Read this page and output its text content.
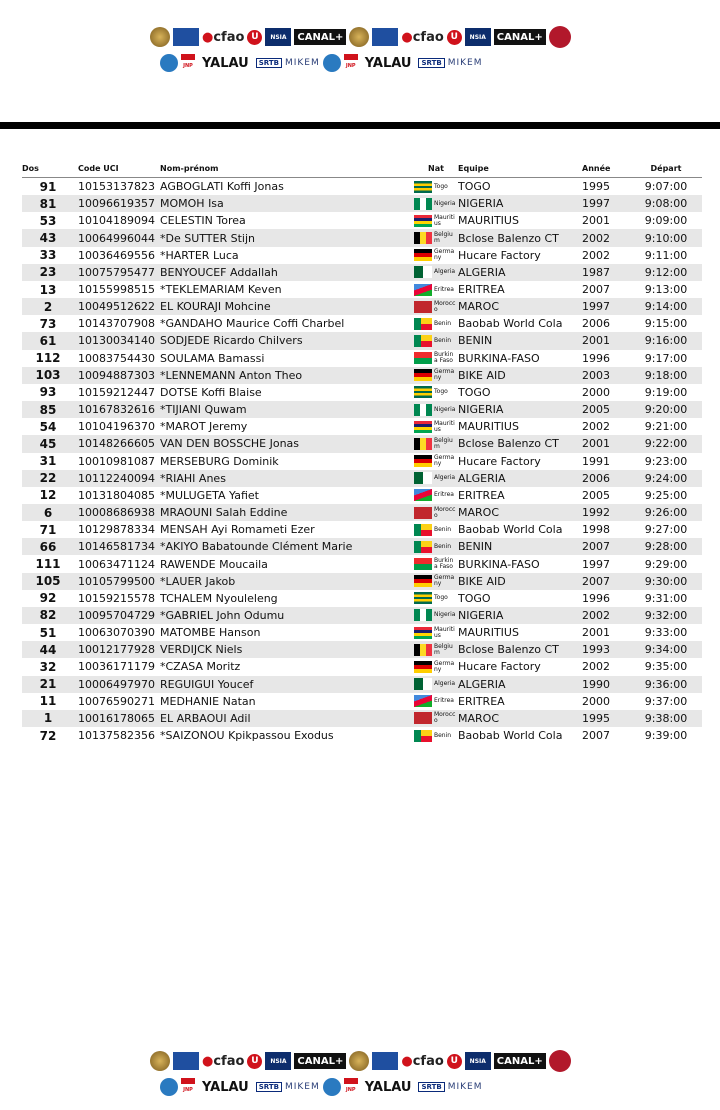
● cfao U	NSIA	CANAL+	● cfao U	NSIA	CANAL+
JNP YALAU	SRTB MIKEM	JNP YALAU	SRTB MIKEM
Dos	Code UCI	Nom-prénom	Nat	Equipe	Année	Départ
91	10153137823	AGBOGLATI Koffi Jonas	Togo	TOGO	1995	9:07:00
81	10096619357	MOMOH Isa	Nigeria	NIGERIA	1997	9:08:00
53	10104189094	CELESTIN Torea	Mauriti us	MAURITIUS	2001	9:09:00
43	10064996044	*De SUTTER Stijn	Belgiu m	Bclose Balenzo CT	2002	9:10:00
33	10036469556	*HARTER Luca	Germa ny	Hucare Factory	2002	9:11:00
23	10075795477	BENYOUCEF Addallah	Algeria	ALGERIA	1987	9:12:00
13	10155998515	*TEKLEMARIAM Keven	Eritrea	ERITREA	2007	9:13:00
2	10049512622	EL KOURAJI Mohcine	Morocc o	MAROC	1997	9:14:00
73	10143707908	*GANDAHO Maurice Coffi Charbel	Benin	Baobab World Cola	2006	9:15:00
61	10130034140	SODJEDE Ricardo Chilvers	Benin	BENIN	2001	9:16:00
112	10083754430	SOULAMA Bamassi	Burkin a Faso	BURKINA-FASO	1996	9:17:00
103	10094887303	*LENNEMANN Anton Theo	Germa ny	BIKE AID	2003	9:18:00
93	10159212447	DOTSE Koffi Blaise	Togo	TOGO	2000	9:19:00
85	10167832616	*TIJIANI Quwam	Nigeria	NIGERIA	2005	9:20:00
54	10104196370	*MAROT Jeremy	Mauriti us	MAURITIUS	2002	9:21:00
45	10148266605	VAN DEN BOSSCHE Jonas	Belgiu m	Bclose Balenzo CT	2001	9:22:00
31	10010981087	MERSEBURG Dominik	Germa ny	Hucare Factory	1991	9:23:00
22	10112240094	*RIAHI Anes	Algeria	ALGERIA	2006	9:24:00
12	10131804085	*MULUGETA Yafiet	Eritrea	ERITREA	2005	9:25:00
6	10008686938	MRAOUNI Salah Eddine	Morocc o	MAROC	1992	9:26:00
71	10129878334	MENSAH Ayi Romameti Ezer	Benin	Baobab World Cola	1998	9:27:00
66	10146581734	*AKIYO Babatounde Clément Marie	Benin	BENIN	2007	9:28:00
111	10063471124	RAWENDE Moucaila	Burkin a Faso	BURKINA-FASO	1997	9:29:00
105	10105799500	*LAUER Jakob	Germa ny	BIKE AID	2007	9:30:00
92	10159215578	TCHALEM Nyouleleng	Togo	TOGO	1996	9:31:00
82	10095704729	*GABRIEL John Odumu	Nigeria	NIGERIA	2002	9:32:00
51	10063070390	MATOMBE Hanson	Mauriti us	MAURITIUS	2001	9:33:00
44	10012177928	VERDIJCK Niels	Belgiu m	Bclose Balenzo CT	1993	9:34:00
32	10036171179	*CZASA Moritz	Germa ny	Hucare Factory	2002	9:35:00
21	10006497970	REGUIGUI Youcef	Algeria	ALGERIA	1990	9:36:00
11	10076590271	MEDHANIE Natan	Eritrea	ERITREA	2000	9:37:00
1	10016178065	EL ARBAOUI Adil	Morocc o	MAROC	1995	9:38:00
72	10137582356	*SAIZONOU Kpikpassou Exodus	Benin	Baobab World Cola	2007	9:39:00
● cfao U	NSIA	CANAL+	● cfao U	NSIA	CANAL+
JNP YALAU	SRTB MIKEM	JNP YALAU	SRTB MIKEM
